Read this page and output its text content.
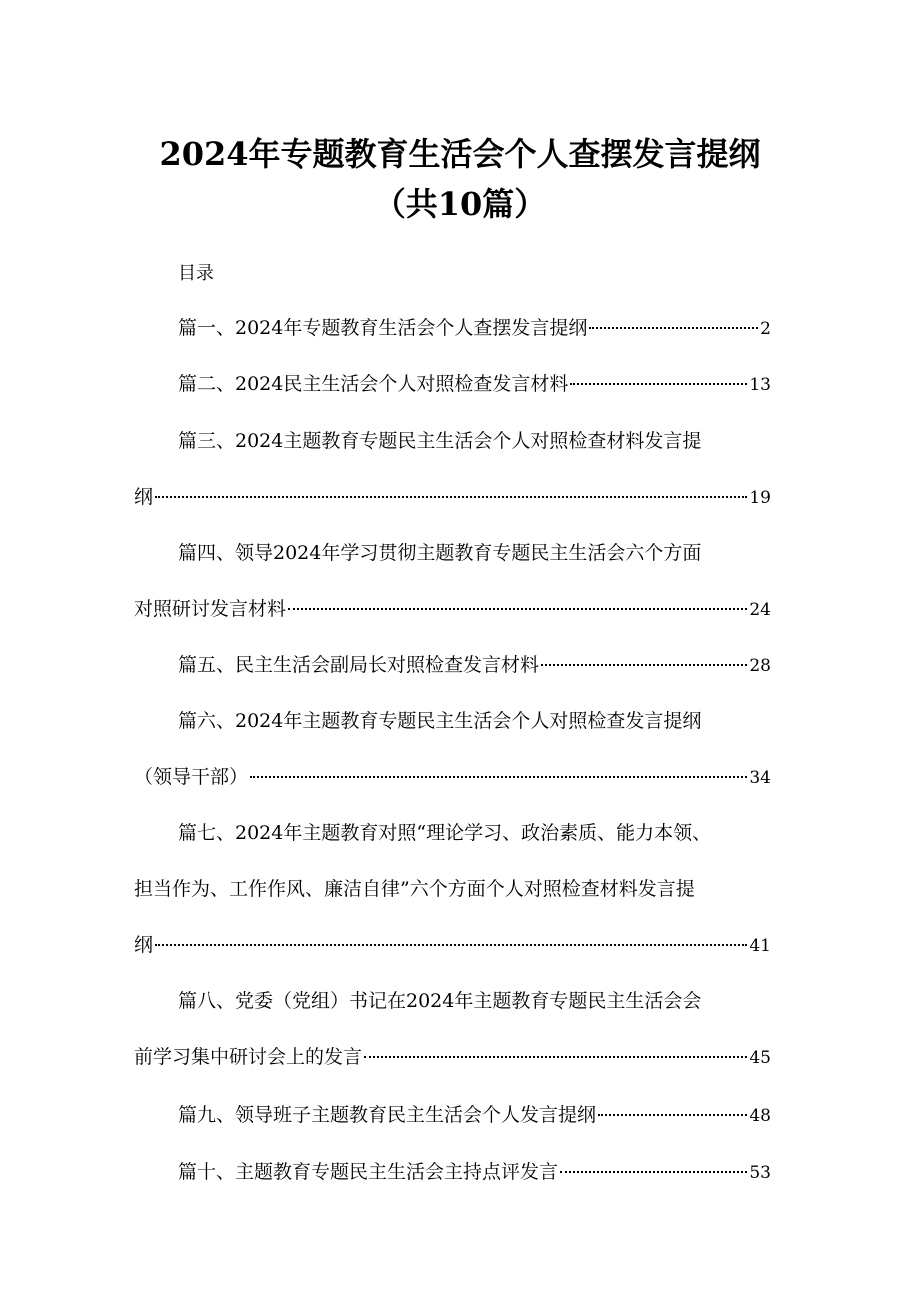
2024年专题教育生活会个人查摆发言提纲
（共10篇）
目录
篇一、2024年专题教育生活会个人查摆发言提纲	2
篇二、2024民主生活会个人对照检查发言材料	13
篇三、2024主题教育专题民主生活会个人对照检查材料发言提
纲	19
篇四、领导2024年学习贯彻主题教育专题民主生活会六个方面
对照研讨发言材料	24
篇五、民主生活会副局长对照检查发言材料	28
篇六、2024年主题教育专题民主生活会个人对照检查发言提纲
（领导干部）	34
篇七、2024年主题教育对照“理论学习、政治素质、能力本领、
担当作为、工作作风、廉洁自律”六个方面个人对照检查材料发言提
纲	41
篇八、党委（党组）书记在2024年主题教育专题民主生活会会
前学习集中研讨会上的发言	45
篇九、领导班子主题教育民主生活会个人发言提纲	48
篇十、主题教育专题民主生活会主持点评发言	53
